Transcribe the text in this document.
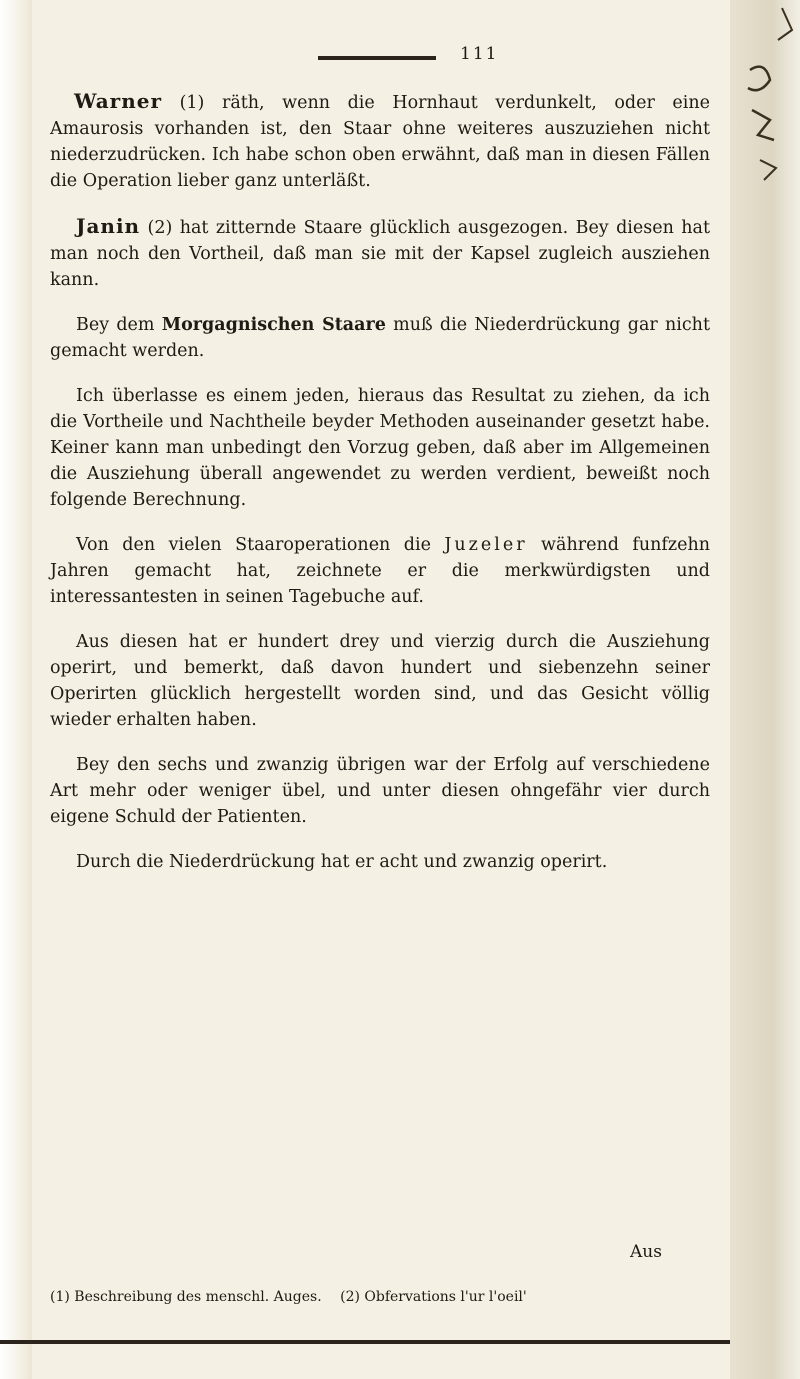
111

Warner (1) räth, wenn die Hornhaut verdunkelt, oder eine Amaurosis vorhanden ist, den Staar ohne weiteres auszuziehen nicht niederzudrücken. Ich habe schon oben erwähnt, daß man in diesen Fällen die Operation lieber ganz unterläßt.

Janin (2) hat zitternde Staare glücklich ausgezogen. Bey diesen hat man noch den Vortheil, daß man sie mit der Kapsel zugleich ausziehen kann.

Bey dem Morgagnischen Staare muß die Niederdrückung gar nicht gemacht werden.

Ich überlasse es einem jeden, hieraus das Resultat zu ziehen, da ich die Vortheile und Nachtheile beyder Methoden auseinander gesetzt habe. Keiner kann man unbedingt den Vorzug geben, daß aber im Allgemeinen die Ausziehung überall angewendet zu werden verdient, beweißt noch folgende Berechnung.

Von den vielen Staaroperationen die Juzeler während funfzehn Jahren gemacht hat, zeichnete er die merkwürdigsten und interessantesten in seinen Tagebuche auf.

Aus diesen hat er hundert drey und vierzig durch die Ausziehung operirt, und bemerkt, daß davon hundert und siebenzehn seiner Operirten glücklich hergestellt worden sind, und das Gesicht völlig wieder erhalten haben.

Bey den sechs und zwanzig übrigen war der Erfolg auf verschiedene Art mehr oder weniger übel, und unter diesen ohngefähr vier durch eigene Schuld der Patienten.

Durch die Niederdrückung hat er acht und zwanzig operirt.

Aus
(1) Beschreibung des menschl. Auges. (2) Obfervations l'ur l'oeil'
